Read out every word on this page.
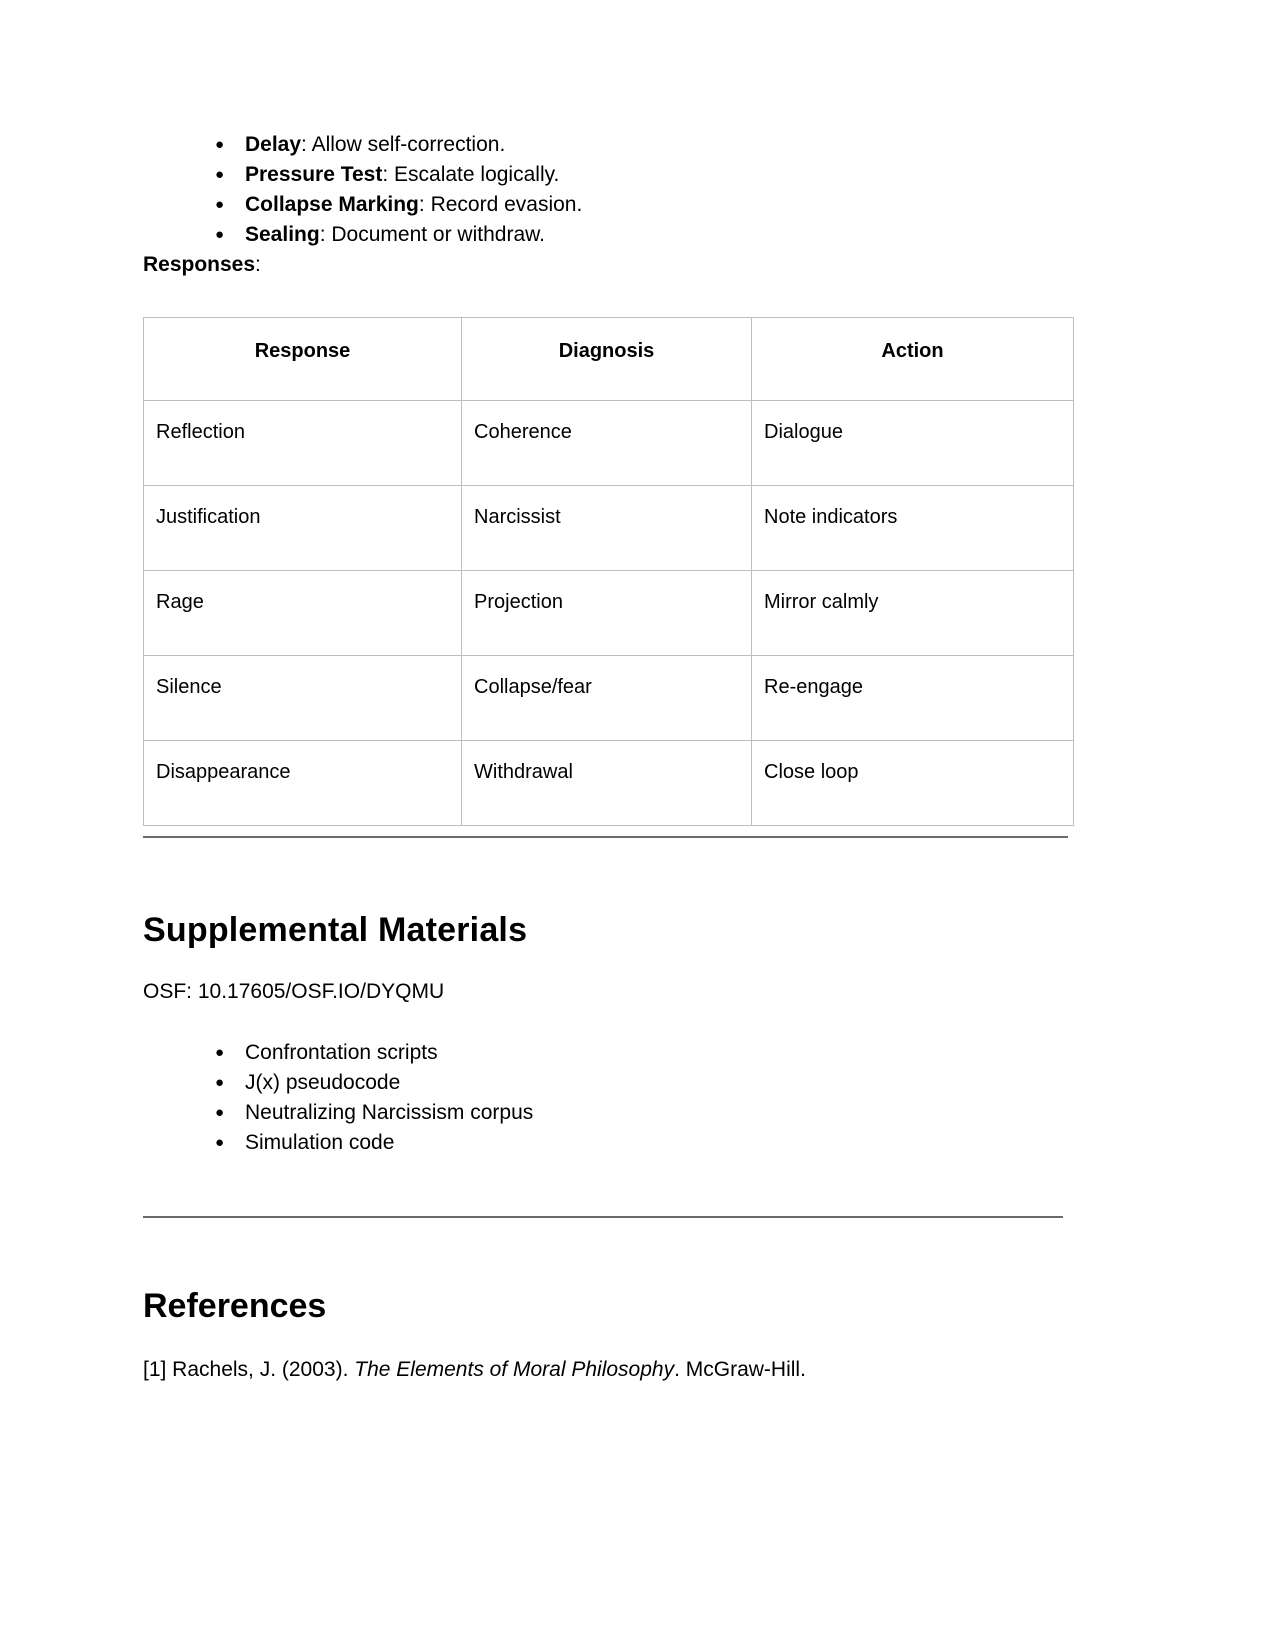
● Delay: Allow self-correction.
● Pressure Test: Escalate logically.
● Collapse Marking: Record evasion.
● Sealing: Document or withdraw.

Responses:

Response	Diagnosis	Action
Reflection	Coherence	Dialogue
Justification	Narcissist	Note indicators
Rage	Projection	Mirror calmly
Silence	Collapse/fear	Re-engage
Disappearance	Withdrawal	Close loop
Supplemental Materials

OSF: 10.17605/OSF.IO/DYQMU

● Confrontation scripts
● J(x) pseudocode
● Neutralizing Narcissism corpus
● Simulation code
References

[1] Rachels, J. (2003). The Elements of Moral Philosophy. McGraw-Hill.
